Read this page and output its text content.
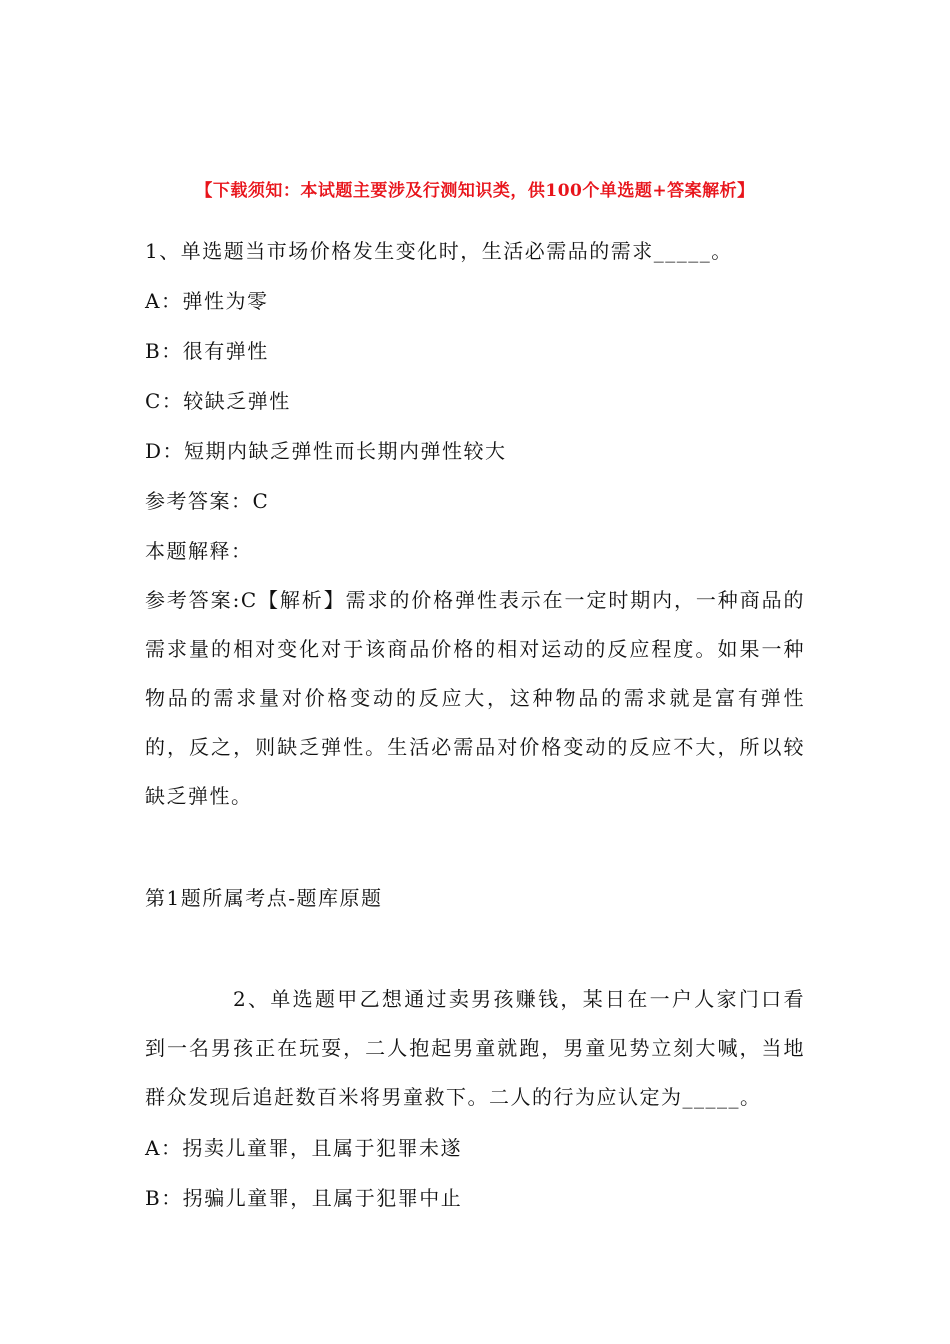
【下载须知：本试题主要涉及行测知识类，供100个单选题+答案解析】
1、单选题当市场价格发生变化时，生活必需品的需求_____。
A：弹性为零
B：很有弹性
C：较缺乏弹性
D：短期内缺乏弹性而长期内弹性较大
参考答案：C
本题解释：
参考答案:C【解析】需求的价格弹性表示在一定时期内，一种商品的需求量的相对变化对于该商品价格的相对运动的反应程度。如果一种物品的需求量对价格变动的反应大，这种物品的需求就是富有弹性的，反之，则缺乏弹性。生活必需品对价格变动的反应不大，所以较缺乏弹性。
第1题所属考点-题库原题
2、单选题甲乙想通过卖男孩赚钱，某日在一户人家门口看到一名男孩正在玩耍，二人抱起男童就跑，男童见势立刻大喊，当地群众发现后追赶数百米将男童救下。二人的行为应认定为_____。
A：拐卖儿童罪，且属于犯罪未遂
B：拐骗儿童罪，且属于犯罪中止
